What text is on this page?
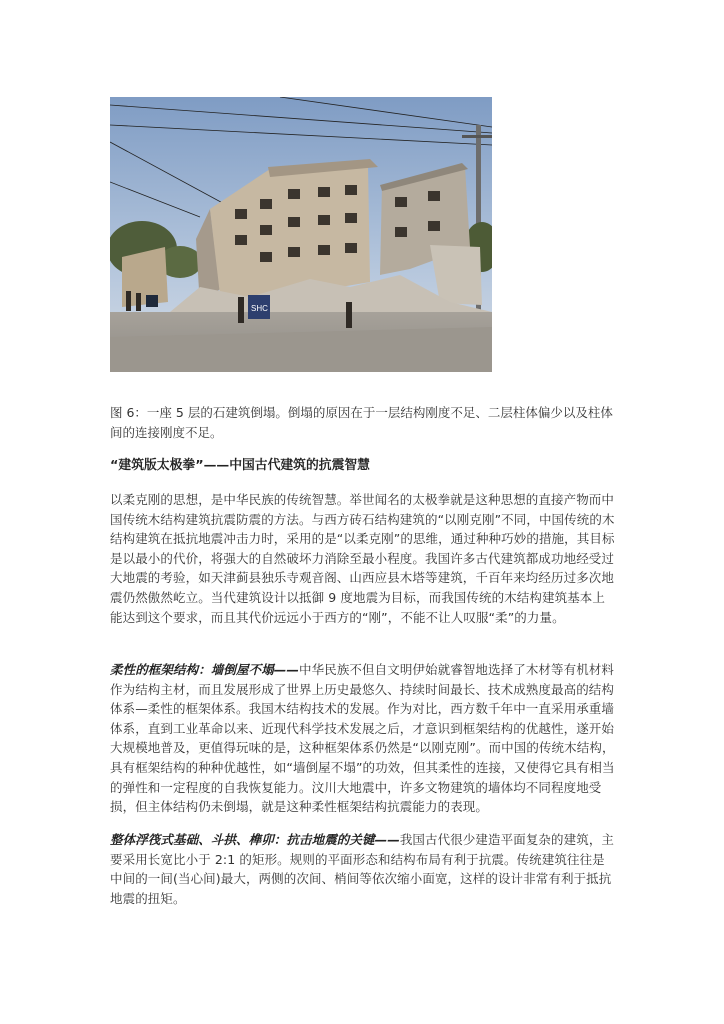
SHC
图 6：一座 5 层的石建筑倒塌。倒塌的原因在于一层结构刚度不足、二层柱体偏少以及柱体间的连接刚度不足。
“建筑版太极拳”——中国古代建筑的抗震智慧
以柔克刚的思想，是中华民族的传统智慧。举世闻名的太极拳就是这种思想的直接产物而中国传统木结构建筑抗震防震的方法。与西方砖石结构建筑的“以刚克刚”不同，中国传统的木结构建筑在抵抗地震冲击力时，采用的是“以柔克刚”的思维，通过种种巧妙的措施，其目标是以最小的代价，将强大的自然破坏力消除至最小程度。我国许多古代建筑都成功地经受过大地震的考验，如天津蓟县独乐寺观音阁、山西应县木塔等建筑，千百年来均经历过多次地震仍然傲然屹立。当代建筑设计以抵御 9 度地震为目标，而我国传统的木结构建筑基本上能达到这个要求，而且其代价远远小于西方的“刚”，不能不让人叹服“柔”的力量。
柔性的框架结构：墙倒屋不塌——中华民族不但自文明伊始就睿智地选择了木材等有机材料作为结构主材，而且发展形成了世界上历史最悠久、持续时间最长、技术成熟度最高的结构体系—柔性的框架体系。我国木结构技术的发展。作为对比，西方数千年中一直采用承重墙体系，直到工业革命以来、近现代科学技术发展之后，才意识到框架结构的优越性，遂开始大规模地普及，更值得玩味的是，这种框架体系仍然是“以刚克刚”。而中国的传统木结构，具有框架结构的种种优越性，如“墙倒屋不塌”的功效，但其柔性的连接，又使得它具有相当的弹性和一定程度的自我恢复能力。汶川大地震中，许多文物建筑的墙体均不同程度地受损，但主体结构仍未倒塌，就是这种柔性框架结构抗震能力的表现。
整体浮筏式基础、斗拱、榫卯：抗击地震的关键——我国古代很少建造平面复杂的建筑，主要采用长宽比小于 2:1 的矩形。规则的平面形态和结构布局有利于抗震。传统建筑往往是中间的一间(当心间)最大，两侧的次间、梢间等依次缩小面宽，这样的设计非常有利于抵抗地震的扭矩。
